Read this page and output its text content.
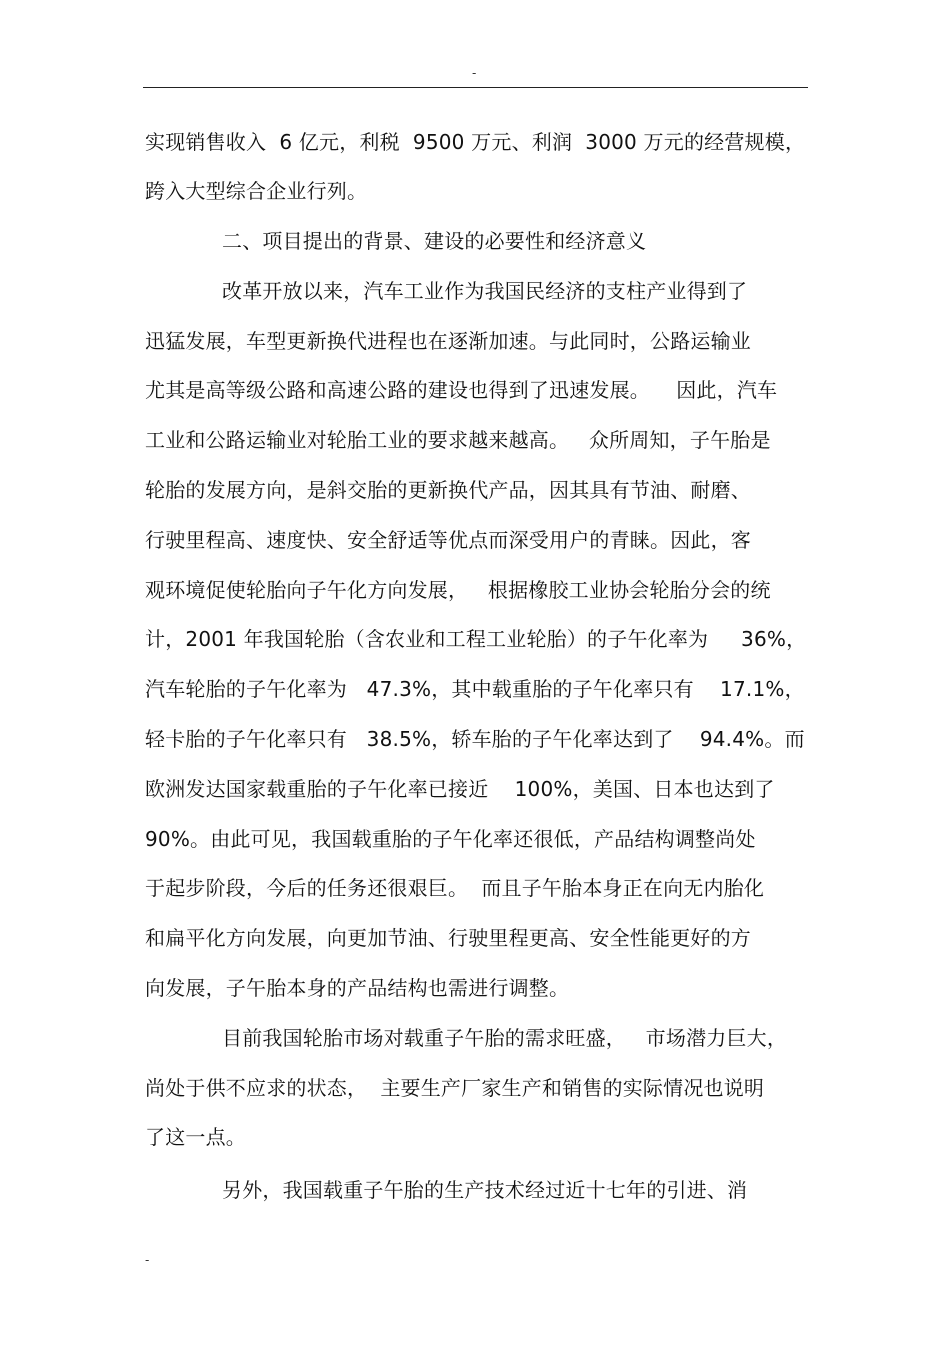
-
实现销售收入  6 亿元，利税  9500 万元、利润  3000 万元的经营规模，
跨入大型综合企业行列。
二、项目提出的背景、建设的必要性和经济意义
改革开放以来，汽车工业作为我国民经济的支柱产业得到了
迅猛发展，车型更新换代进程也在逐渐加速。与此同时，公路运输业
尤其是高等级公路和高速公路的建设也得到了迅速发展。    因此，汽车
工业和公路运输业对轮胎工业的要求越来越高。   众所周知，子午胎是
轮胎的发展方向，是斜交胎的更新换代产品，因其具有节油、耐磨、
行驶里程高、速度快、安全舒适等优点而深受用户的青睐。因此，客
观环境促使轮胎向子午化方向发展，   根据橡胶工业协会轮胎分会的统
计，2001 年我国轮胎（含农业和工程工业轮胎）的子午化率为     36%，
汽车轮胎的子午化率为   47.3%，其中载重胎的子午化率只有    17.1%，
轻卡胎的子午化率只有   38.5%，轿车胎的子午化率达到了    94.4%。而
欧洲发达国家载重胎的子午化率已接近    100%，美国、日本也达到了
90%。由此可见，我国载重胎的子午化率还很低，产品结构调整尚处
于起步阶段，今后的任务还很艰巨。  而且子午胎本身正在向无内胎化
和扁平化方向发展，向更加节油、行驶里程更高、安全性能更好的方
向发展，子午胎本身的产品结构也需进行调整。
目前我国轮胎市场对载重子午胎的需求旺盛，   市场潜力巨大，
尚处于供不应求的状态，  主要生产厂家生产和销售的实际情况也说明
了这一点。
另外，我国载重子午胎的生产技术经过近十七年的引进、消
-
